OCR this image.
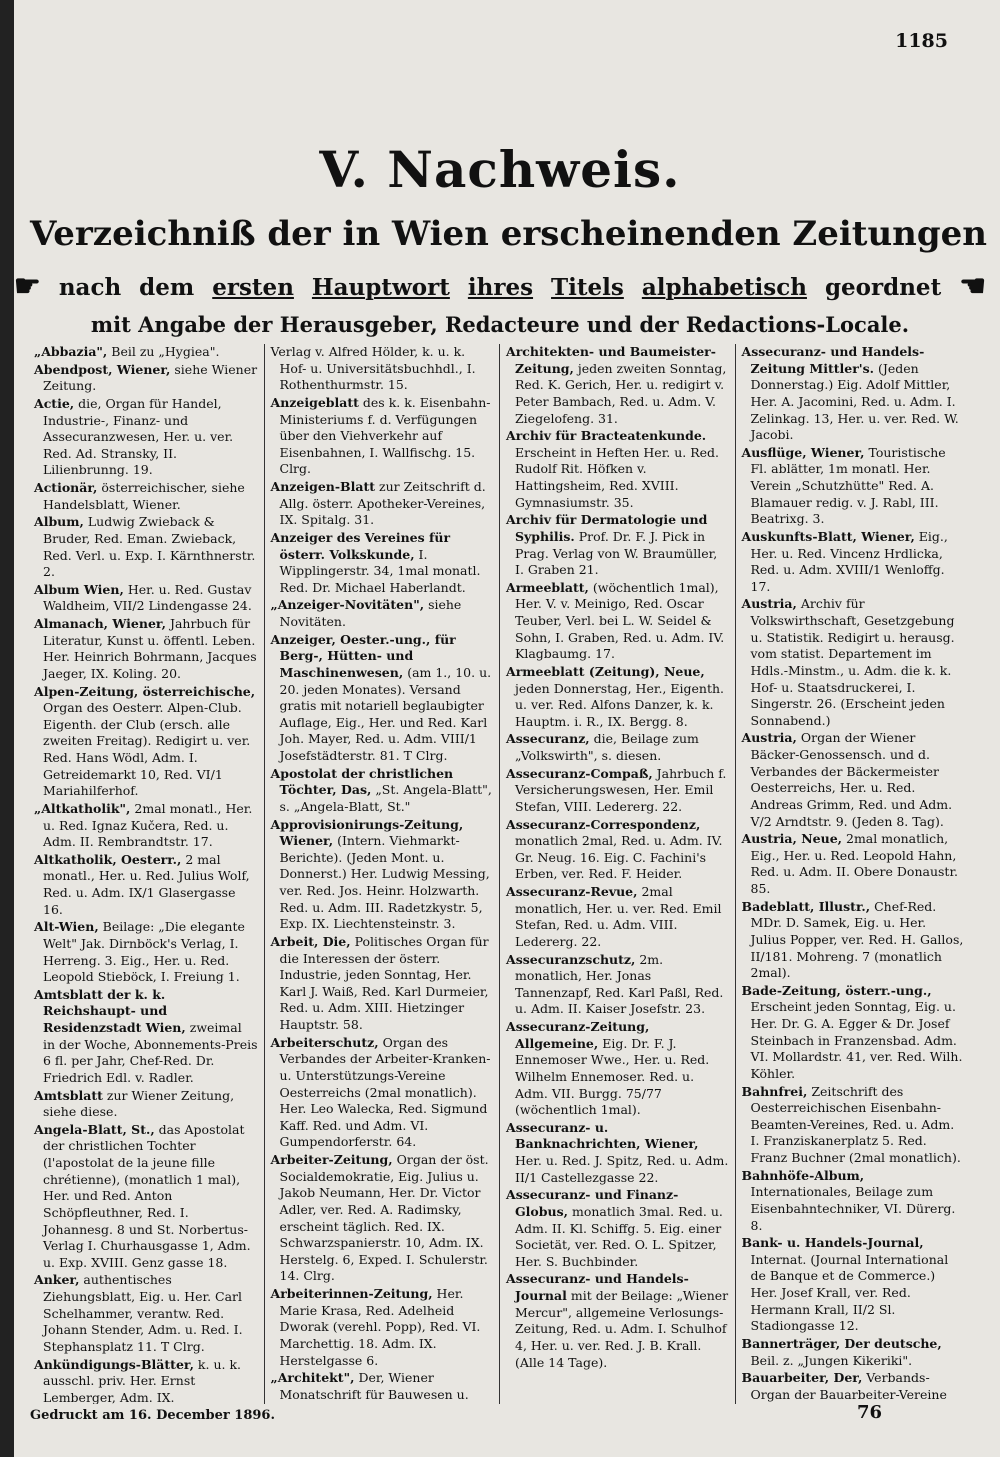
1185
V. Nachweis.
Verzeichniß der in Wien erscheinenden Zeitungen
☛ nach dem ersten Hauptwort ihres Titels alphabetisch geordnet ☚
mit Angabe der Herausgeber, Redacteure und der Redactions-Locale.
„Abbazia", Beil zu „Hygiea".
Abendpost, Wiener, siehe Wiener Zeitung.
Actie, die, Organ für Handel, Industrie-, Finanz- und Assecuranzwesen, Her. u. ver. Red. Ad. Stransky, II. Lilienbrunng. 19.
Actionär, österreichischer, siehe Handelsblatt, Wiener.
Album, Ludwig Zwieback & Bruder, Red. Eman. Zwieback, Red. Verl. u. Exp. I. Kärnthnerstr. 2.
Album Wien, Her. u. Red. Gustav Waldheim, VII/2 Lindengasse 24.
Almanach, Wiener, Jahrbuch für Literatur, Kunst u. öffentl. Leben. Her. Heinrich Bohrmann, Jacques Jaeger, IX. Koling. 20.
Alpen-Zeitung, österreichische, Organ des Oesterr. Alpen-Club. Eigenth. der Club (ersch. alle zweiten Freitag). Redigirt u. ver. Red. Hans Wödl, Adm. I. Getreidemarkt 10, Red. VI/1 Mariahilferhof.
„Altkatholik", 2mal monatl., Her. u. Red. Ignaz Kučera, Red. u. Adm. II. Rembrandtstr. 17.
Altkatholik, Oesterr., 2 mal monatl., Her. u. Red. Julius Wolf, Red. u. Adm. IX/1 Glasergasse 16.
Alt-Wien, Beilage: „Die elegante Welt" Jak. Dirnböck's Verlag, I. Herreng. 3. Eig., Her. u. Red. Leopold Stieböck, I. Freiung 1.
Amtsblatt der k. k. Reichshaupt- und Residenzstadt Wien, zweimal in der Woche, Abonnements-Preis 6 fl. per Jahr, Chef-Red. Dr. Friedrich Edl. v. Radler.
Amtsblatt zur Wiener Zeitung, siehe diese.
Angela-Blatt, St., das Apostolat der christlichen Tochter (l'apostolat de la jeune fille chrétienne), (monatlich 1 mal), Her. und Red. Anton Schöpfleuthner, Red. I. Johannesg. 8 und St. Norbertus-Verlag I. Churhausgasse 1, Adm. u. Exp. XVIII. Genz gasse 18.
Anker, authentisches Ziehungsblatt, Eig. u. Her. Carl Schelhammer, verantw. Red. Johann Stender, Adm. u. Red. I. Stephansplatz 11. T Clrg.
Ankündigungs-Blätter, k. u. k. ausschl. priv. Her. Ernst Lemberger, Adm. IX.
Verlag v. Alfred Hölder, k. u. k. Hof- u. Universitätsbuchhdl., I. Rothenthurmstr. 15.
Anzeigeblatt des k. k. Eisenbahn-Ministeriums f. d. Verfügungen über den Viehverkehr auf Eisenbahnen, I. Wallfischg. 15. Clrg.
Anzeigen-Blatt zur Zeitschrift d. Allg. österr. Apotheker-Vereines, IX. Spitalg. 31.
Anzeiger des Vereines für österr. Volkskunde, I. Wipplingerstr. 34, 1mal monatl. Red. Dr. Michael Haberlandt.
„Anzeiger-Novitäten", siehe Novitäten.
Anzeiger, Oester.-ung., für Berg-, Hütten- und Maschinenwesen, (am 1., 10. u. 20. jeden Monates). Versand gratis mit notariell beglaubigter Auflage, Eig., Her. und Red. Karl Joh. Mayer, Red. u. Adm. VIII/1 Josefstädterstr. 81. T Clrg.
Apostolat der christlichen Töchter, Das, „St. Angela-Blatt", s. „Angela-Blatt, St."
Approvisionirungs-Zeitung, Wiener, (Intern. Viehmarkt-Berichte). (Jeden Mont. u. Donnerst.) Her. Ludwig Messing, ver. Red. Jos. Heinr. Holzwarth. Red. u. Adm. III. Radetzkystr. 5, Exp. IX. Liechtensteinstr. 3.
Arbeit, Die, Politisches Organ für die Interessen der österr. Industrie, jeden Sonntag, Her. Karl J. Waiß, Red. Karl Durmeier, Red. u. Adm. XIII. Hietzinger Hauptstr. 58.
Arbeiterschutz, Organ des Verbandes der Arbeiter-Kranken- u. Unterstützungs-Vereine Oesterreichs (2mal monatlich). Her. Leo Walecka, Red. Sigmund Kaff. Red. und Adm. VI. Gumpendorferstr. 64.
Arbeiter-Zeitung, Organ der öst. Socialdemokratie, Eig. Julius u. Jakob Neumann, Her. Dr. Victor Adler, ver. Red. A. Radimsky, erscheint täglich. Red. IX. Schwarzspanierstr. 10, Adm. IX. Herstelg. 6, Exped. I. Schulerstr. 14. Clrg.
Arbeiterinnen-Zeitung, Her. Marie Krasa, Red. Adelheid Dworak (verehl. Popp), Red. VI. Marchettig. 18. Adm. IX. Herstelgasse 6.
„Architekt", Der, Wiener Monatschrift für Bauwesen u.
Architekten- und Baumeister-Zeitung, jeden zweiten Sonntag, Red. K. Gerich, Her. u. redigirt v. Peter Bambach, Red. u. Adm. V. Ziegelofeng. 31.
Archiv für Bracteatenkunde. Erscheint in Heften Her. u. Red. Rudolf Rit. Höfken v. Hattingsheim, Red. XVIII. Gymnasiumstr. 35.
Archiv für Dermatologie und Syphilis. Prof. Dr. F. J. Pick in Prag. Verlag von W. Braumüller, I. Graben 21.
Armeeblatt, (wöchentlich 1mal), Her. V. v. Meinigo, Red. Oscar Teuber, Verl. bei L. W. Seidel & Sohn, I. Graben, Red. u. Adm. IV. Klagbaumg. 17.
Armeeblatt (Zeitung), Neue, jeden Donnerstag, Her., Eigenth. u. ver. Red. Alfons Danzer, k. k. Hauptm. i. R., IX. Bergg. 8.
Assecuranz, die, Beilage zum „Volkswirth", s. diesen.
Assecuranz-Compaß, Jahrbuch f. Versicherungswesen, Her. Emil Stefan, VIII. Ledererg. 22.
Assecuranz-Correspondenz, monatlich 2mal, Red. u. Adm. IV. Gr. Neug. 16. Eig. C. Fachini's Erben, ver. Red. F. Heider.
Assecuranz-Revue, 2mal monatlich, Her. u. ver. Red. Emil Stefan, Red. u. Adm. VIII. Ledererg. 22.
Assecuranzschutz, 2m. monatlich, Her. Jonas Tannenzapf, Red. Karl Paßl, Red. u. Adm. II. Kaiser Josefstr. 23.
Assecuranz-Zeitung, Allgemeine, Eig. Dr. F. J. Ennemoser Wwe., Her. u. Red. Wilhelm Ennemoser. Red. u. Adm. VII. Burgg. 75/77 (wöchentlich 1mal).
Assecuranz- u. Banknachrichten, Wiener, Her. u. Red. J. Spitz, Red. u. Adm. II/1 Castellezgasse 22.
Assecuranz- und Finanz-Globus, monatlich 3mal. Red. u. Adm. II. Kl. Schiffg. 5. Eig. einer Societät, ver. Red. O. L. Spitzer, Her. S. Buchbinder.
Assecuranz- und Handels-Journal mit der Beilage: „Wiener Mercur", allgemeine Verlosungs-Zeitung, Red. u. Adm. I. Schulhof 4, Her. u. ver. Red. J. B. Krall. (Alle 14 Tage).
Assecuranz- und Handels-Zeitung Mittler's. (Jeden Donnerstag.) Eig. Adolf Mittler, Her. A. Jacomini, Red. u. Adm. I. Zelinkag. 13, Her. u. ver. Red. W. Jacobi.
Ausflüge, Wiener, Touristische Fl. ablätter, 1m monatl. Her. Verein „Schutzhütte" Red. A. Blamauer redig. v. J. Rabl, III. Beatrixg. 3.
Auskunfts-Blatt, Wiener, Eig., Her. u. Red. Vincenz Hrdlicka, Red. u. Adm. XVIII/1 Wenloffg. 17.
Austria, Archiv für Volkswirthschaft, Gesetzgebung u. Statistik. Redigirt u. herausg. vom statist. Departement im Hdls.-Minstm., u. Adm. die k. k. Hof- u. Staatsdruckerei, I. Singerstr. 26. (Erscheint jeden Sonnabend.)
Austria, Organ der Wiener Bäcker-Genossensch. und d. Verbandes der Bäckermeister Oesterreichs, Her. u. Red. Andreas Grimm, Red. und Adm. V/2 Arndtstr. 9. (Jeden 8. Tag).
Austria, Neue, 2mal monatlich, Eig., Her. u. Red. Leopold Hahn, Red. u. Adm. II. Obere Donaustr. 85.
Badeblatt, Illustr., Chef-Red. MDr. D. Samek, Eig. u. Her. Julius Popper, ver. Red. H. Gallos, II/181. Mohreng. 7 (monatlich 2mal).
Bade-Zeitung, österr.-ung., Erscheint jeden Sonntag, Eig. u. Her. Dr. G. A. Egger & Dr. Josef Steinbach in Franzensbad. Adm. VI. Mollardstr. 41, ver. Red. Wilh. Köhler.
Bahnfrei, Zeitschrift des Oesterreichischen Eisenbahn-Beamten-Vereines, Red. u. Adm. I. Franziskanerplatz 5. Red. Franz Buchner (2mal monatlich).
Bahnhöfe-Album, Internationales, Beilage zum Eisenbahntechniker, VI. Dürerg. 8.
Bank- u. Handels-Journal, Internat. (Journal International de Banque et de Commerce.) Her. Josef Krall, ver. Red. Hermann Krall, II/2 Sl. Stadiongasse 12.
Bannerträger, Der deutsche, Beil. z. „Jungen Kikeriki".
Bauarbeiter, Der, Verbands-Organ der Bauarbeiter-Vereine
Gedruckt am 16. December 1896.	76
